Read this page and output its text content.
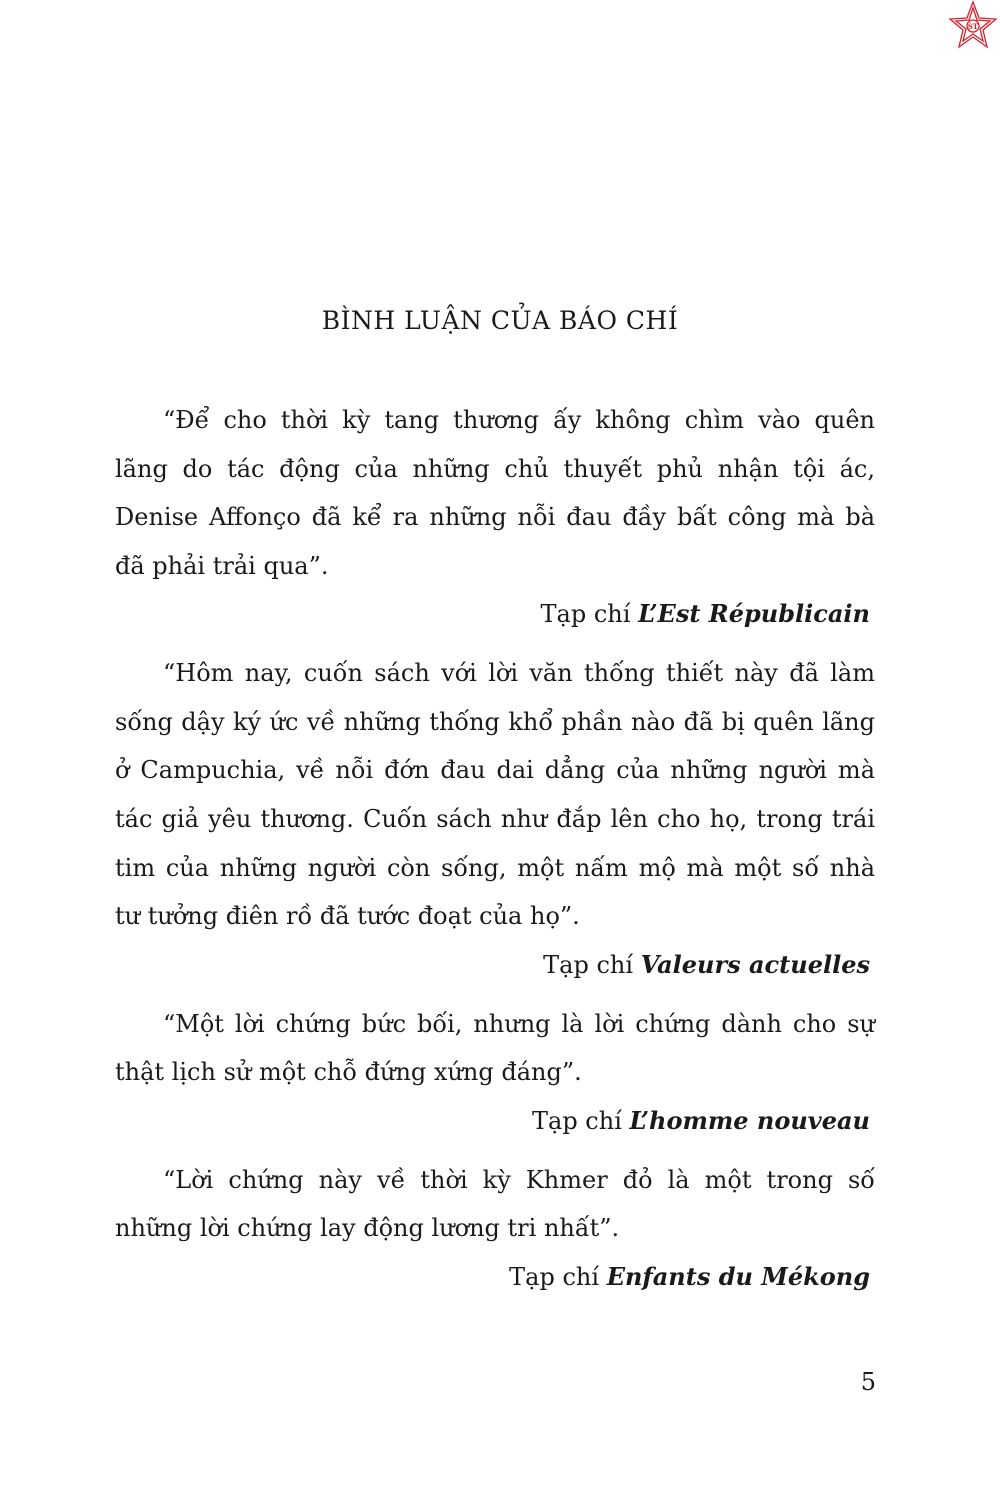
ST
BÌNH LUẬN CỦA BÁO CHÍ
“Để cho thời kỳ tang thương ấy không chìm vào quên
lãng do tác động của những chủ thuyết phủ nhận tội ác,
Denise Affonço đã kể ra những nỗi đau đầy bất công mà bà
đã phải trải qua”.
Tạp chí L’Est Républicain
“Hôm nay, cuốn sách với lời văn thống thiết này đã làm
sống dậy ký ức về những thống khổ phần nào đã bị quên lãng
ở Campuchia, về nỗi đớn đau dai dẳng của những người mà
tác giả yêu thương. Cuốn sách như đắp lên cho họ, trong trái
tim của những người còn sống, một nấm mộ mà một số nhà
tư tưởng điên rồ đã tước đoạt của họ”.
Tạp chí Valeurs actuelles
“Một lời chứng bức bối, nhưng là lời chứng dành cho sự
thật lịch sử một chỗ đứng xứng đáng”.
Tạp chí L’homme nouveau
“Lời chứng này về thời kỳ Khmer đỏ là một trong số
những lời chứng lay động lương tri nhất”.
Tạp chí Enfants du Mékong
5
